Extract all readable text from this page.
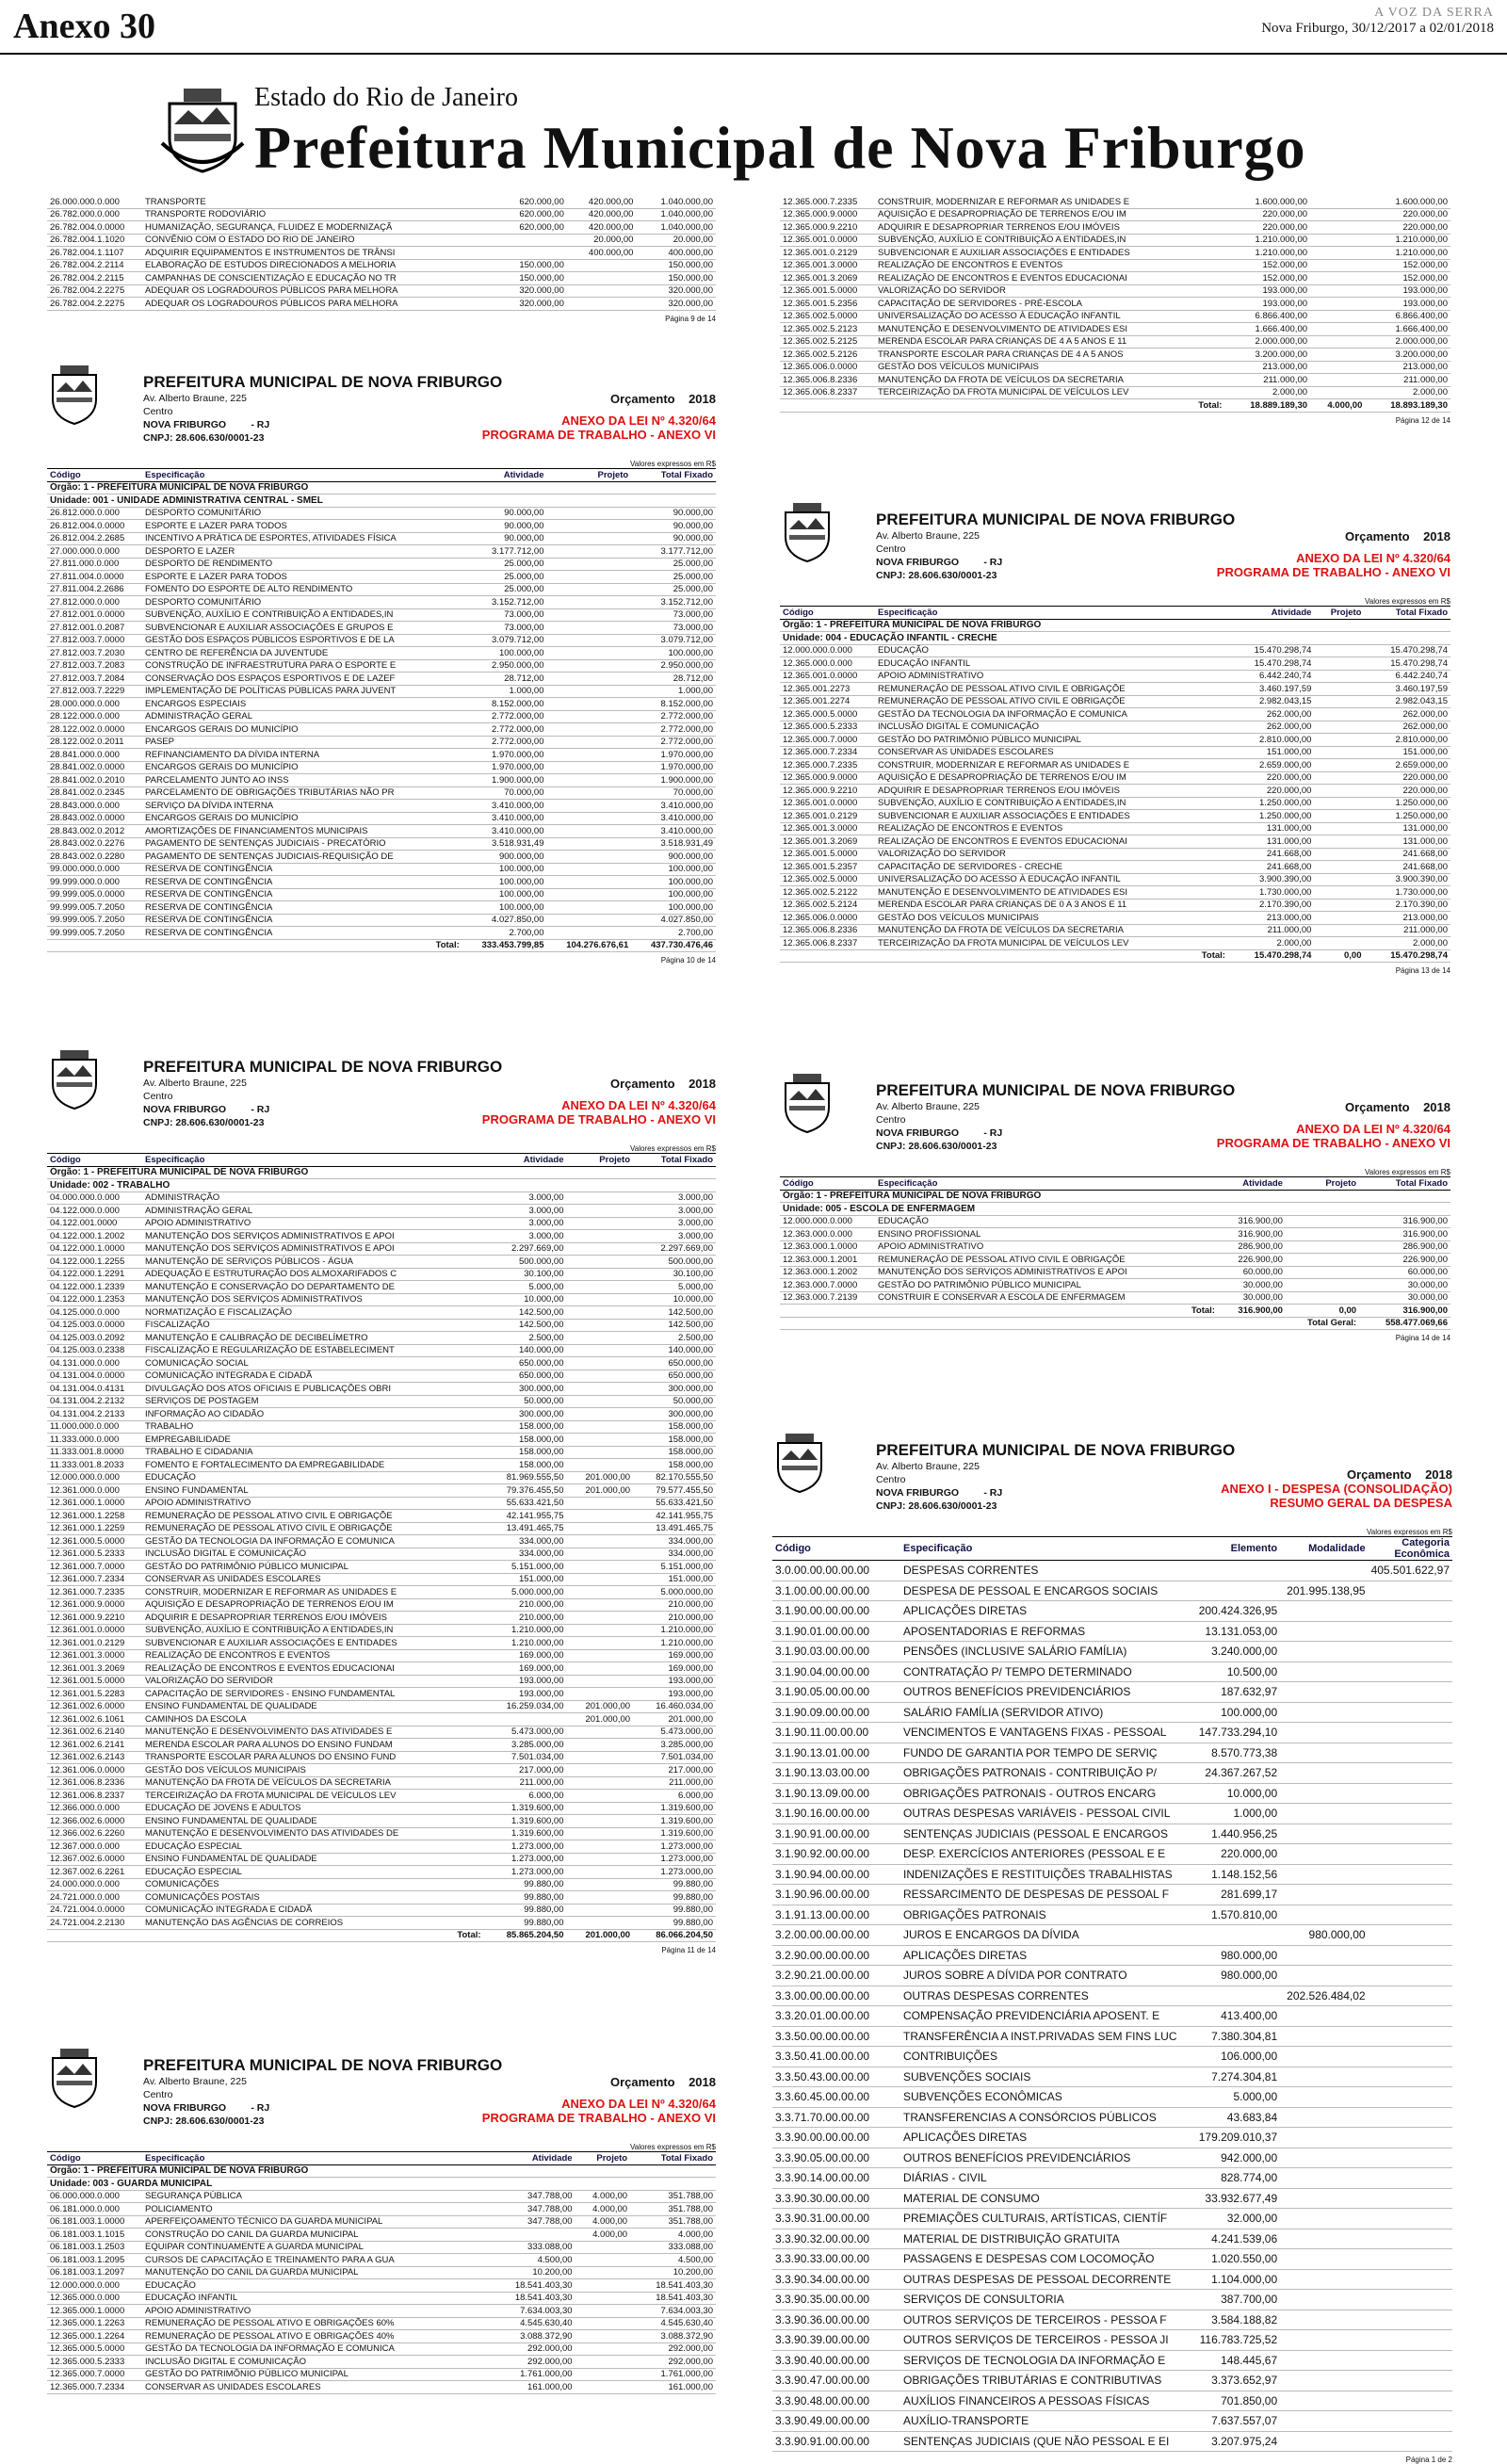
Anexo 30	A VOZ DA SERRA
Nova Friburgo, 30/12/2017 a 02/01/2018
Estado do Rio de Janeiro
Prefeitura Municipal de Nova Friburgo
26.000.000.0.000	TRANSPORTE	620.000,00	420.000,00	1.040.000,00
26.782.000.0.000	TRANSPORTE RODOVIÁRIO	620.000,00	420.000,00	1.040.000,00
26.782.004.0.0000	HUMANIZAÇÃO, SEGURANÇA, FLUIDEZ E MODERNIZAÇÃ	620.000,00	420.000,00	1.040.000,00
26.782.004.1.1020	CONVÊNIO COM O ESTADO DO RIO DE JANEIRO		20.000,00	20.000,00
26.782.004.1.1107	ADQUIRIR EQUIPAMENTOS E INSTRUMENTOS DE TRÂNSI		400.000,00	400.000,00
26.782.004.2.2114	ELABORAÇÃO DE ESTUDOS DIRECIONADOS A MELHORIA	150.000,00		150.000,00
26.782.004.2.2115	CAMPANHAS DE CONSCIENTIZAÇÃO E EDUCAÇÃO NO TR	150.000,00		150.000,00
26.782.004.2.2275	ADEQUAR OS LOGRADOUROS PÚBLICOS PARA MELHORA	320.000,00		320.000,00
26.782.004.2.2275	ADEQUAR OS LOGRADOUROS PÚBLICOS PARA MELHORA	320.000,00		320.000,00
Página 9 de 14
12.365.000.7.2335	CONSTRUIR, MODERNIZAR E REFORMAR AS UNIDADES E	1.600.000,00		1.600.000,00
12.365.000.9.0000	AQUISIÇÃO E DESAPROPRIAÇÃO DE TERRENOS E/OU IM	220.000,00		220.000,00
12.365.000.9.2210	ADQUIRIR E DESAPROPRIAR TERRENOS E/OU IMÓVEIS	220.000,00		220.000,00
12.365.001.0.0000	SUBVENÇÃO, AUXÍLIO E CONTRIBUIÇÃO A ENTIDADES,IN	1.210.000,00		1.210.000,00
12.365.001.0.2129	SUBVENCIONAR E AUXILIAR ASSOCIAÇÕES E ENTIDADES	1.210.000,00		1.210.000,00
12.365.001.3.0000	REALIZAÇÃO DE ENCONTROS E EVENTOS	152.000,00		152.000,00
12.365.001.3.2069	REALIZAÇÃO DE ENCONTROS E EVENTOS EDUCACIONAI	152.000,00		152.000,00
12.365.001.5.0000	VALORIZAÇÃO DO SERVIDOR	193.000,00		193.000,00
12.365.001.5.2356	CAPACITAÇÃO DE SERVIDORES - PRÉ-ESCOLA	193.000,00		193.000,00
12.365.002.5.0000	UNIVERSALIZAÇÃO DO ACESSO À EDUCAÇÃO INFANTIL	6.866.400,00		6.866.400,00
12.365.002.5.2123	MANUTENÇÃO E DESENVOLVIMENTO DE ATIVIDADES ESI	1.666.400,00		1.666.400,00
12.365.002.5.2125	MERENDA ESCOLAR PARA CRIANÇAS DE 4 A 5 ANOS E 11	2.000.000,00		2.000.000,00
12.365.002.5.2126	TRANSPORTE ESCOLAR PARA CRIANÇAS DE 4 A 5 ANOS	3.200.000,00		3.200.000,00
12.365.006.0.0000	GESTÃO DOS VEÍCULOS MUNICIPAIS	213.000,00		213.000,00
12.365.006.8.2336	MANUTENÇÃO DA FROTA DE VEÍCULOS DA SECRETARIA	211.000,00		211.000,00
12.365.006.8.2337	TERCEIRIZAÇÃO DA FROTA MUNICIPAL DE VEÍCULOS LEV	2.000,00		2.000,00
	Total:	18.889.189,30	4.000,00	18.893.189,30
Página 12 de 14
PREFEITURA MUNICIPAL DE NOVA FRIBURGO
Av. Alberto Braune, 225
Centro
NOVA FRIBURGO	- RJ
CNPJ: 28.606.630/0001-23
Orçamento 2018
ANEXO DA LEI Nº 4.320/64
PROGRAMA DE TRABALHO - ANEXO VI
Valores expressos em R$
Código	Especificação	Atividade	Projeto	Total Fixado
Órgão: 1 - PREFEITURA MUNICIPAL DE NOVA FRIBURGO				
Unidade: 001 - UNIDADE ADMINISTRATIVA CENTRAL - SMEL				
26.812.000.0.000	DESPORTO COMUNITÁRIO	90.000,00		90.000,00
26.812.004.0.0000	ESPORTE E LAZER PARA TODOS	90.000,00		90.000,00
26.812.004.2.2685	INCENTIVO A PRÁTICA DE ESPORTES, ATIVIDADES FÍSICA	90.000,00		90.000,00
27.000.000.0.000	DESPORTO E LAZER	3.177.712,00		3.177.712,00
27.811.000.0.000	DESPORTO DE RENDIMENTO	25.000,00		25.000,00
27.811.004.0.0000	ESPORTE E LAZER PARA TODOS	25.000,00		25.000,00
27.811.004.2.2686	FOMENTO DO ESPORTE DE ALTO RENDIMENTO	25.000,00		25.000,00
27.812.000.0.000	DESPORTO COMUNITÁRIO	3.152.712,00		3.152.712,00
27.812.001.0.0000	SUBVENÇÃO, AUXÍLIO E CONTRIBUIÇÃO A ENTIDADES,IN	73.000,00		73.000,00
27.812.001.0.2087	SUBVENCIONAR E AUXILIAR ASSOCIAÇÕES E GRUPOS E	73.000,00		73.000,00
27.812.003.7.0000	GESTÃO DOS ESPAÇOS PÚBLICOS ESPORTIVOS E DE LA	3.079.712,00		3.079.712,00
27.812.003.7.2030	CENTRO DE REFERÊNCIA DA JUVENTUDE	100.000,00		100.000,00
27.812.003.7.2083	CONSTRUÇÃO DE INFRAESTRUTURA PARA O ESPORTE E	2.950.000,00		2.950.000,00
27.812.003.7.2084	CONSERVAÇÃO DOS ESPAÇOS ESPORTIVOS E DE LAZEF	28.712,00		28.712,00
27.812.003.7.2229	IMPLEMENTAÇÃO DE POLÍTICAS PÚBLICAS PARA JUVENT	1.000,00		1.000,00
28.000.000.0.000	ENCARGOS ESPECIAIS	8.152.000,00		8.152.000,00
28.122.000.0.000	ADMINISTRAÇÃO GERAL	2.772.000,00		2.772.000,00
28.122.002.0.0000	ENCARGOS GERAIS DO MUNICÍPIO	2.772.000,00		2.772.000,00
28.122.002.0.2011	PASEP	2.772.000,00		2.772.000,00
28.841.000.0.000	REFINANCIAMENTO DA DÍVIDA INTERNA	1.970.000,00		1.970.000,00
28.841.002.0.0000	ENCARGOS GERAIS DO MUNICÍPIO	1.970.000,00		1.970.000,00
28.841.002.0.2010	PARCELAMENTO JUNTO AO INSS	1.900.000,00		1.900.000,00
28.841.002.0.2345	PARCELAMENTO DE OBRIGAÇÕES TRIBUTÁRIAS NÃO PR	70.000,00		70.000,00
28.843.000.0.000	SERVIÇO DA DÍVIDA INTERNA	3.410.000,00		3.410.000,00
28.843.002.0.0000	ENCARGOS GERAIS DO MUNICÍPIO	3.410.000,00		3.410.000,00
28.843.002.0.2012	AMORTIZAÇÕES DE FINANCIAMENTOS MUNICIPAIS	3.410.000,00		3.410.000,00
28.843.002.0.2276	PAGAMENTO DE SENTENÇAS JUDICIAIS - PRECATÓRIO	3.518.931,49		3.518.931,49
28.843.002.0.2280	PAGAMENTO DE SENTENÇAS JUDICIAIS-REQUISIÇÃO DE	900.000,00		900.000,00
99.000.000.0.000	RESERVA DE CONTINGÊNCIA	100.000,00		100.000,00
99.999.000.0.000	RESERVA DE CONTINGÊNCIA	100.000,00		100.000,00
99.999.005.0.0000	RESERVA DE CONTINGÊNCIA	100.000,00		100.000,00
99.999.005.7.2050	RESERVA DE CONTINGÊNCIA	100.000,00		100.000,00
99.999.005.7.2050	RESERVA DE CONTINGÊNCIA	4.027.850,00		4.027.850,00
99.999.005.7.2050	RESERVA DE CONTINGÊNCIA	2.700,00		2.700,00
	Total:	333.453.799,85	104.276.676,61	437.730.476,46
Página 10 de 14
PREFEITURA MUNICIPAL DE NOVA FRIBURGO
Av. Alberto Braune, 225
Centro
NOVA FRIBURGO	- RJ
CNPJ: 28.606.630/0001-23
Orçamento 2018
ANEXO DA LEI Nº 4.320/64
PROGRAMA DE TRABALHO - ANEXO VI
Valores expressos em R$
Código	Especificação	Atividade	Projeto	Total Fixado
Órgão: 1 - PREFEITURA MUNICIPAL DE NOVA FRIBURGO				
Unidade: 004 - EDUCAÇÃO INFANTIL - CRECHE				
12.000.000.0.000	EDUCAÇÃO	15.470.298,74		15.470.298,74
12.365.000.0.000	EDUCAÇÃO INFANTIL	15.470.298,74		15.470.298,74
12.365.001.0.0000	APOIO ADMINISTRATIVO	6.442.240,74		6.442.240,74
12.365.001.2273	REMUNERAÇÃO DE PESSOAL ATIVO CIVIL E OBRIGAÇÕE	3.460.197,59		3.460.197,59
12.365.001.2274	REMUNERAÇÃO DE PESSOAL ATIVO CIVIL E OBRIGAÇÕE	2.982.043,15		2.982.043,15
12.365.000.5.0000	GESTÃO DA TECNOLOGIA DA INFORMAÇÃO E COMUNICA	262.000,00		262.000,00
12.365.000.5.2333	INCLUSÃO DIGITAL E COMUNICAÇÃO	262.000,00		262.000,00
12.365.000.7.0000	GESTÃO DO PATRIMÔNIO PÚBLICO MUNICIPAL	2.810.000,00		2.810.000,00
12.365.000.7.2334	CONSERVAR AS UNIDADES ESCOLARES	151.000,00		151.000,00
12.365.000.7.2335	CONSTRUIR, MODERNIZAR E REFORMAR AS UNIDADES E	2.659.000,00		2.659.000,00
12.365.000.9.0000	AQUISIÇÃO E DESAPROPRIAÇÃO DE TERRENOS E/OU IM	220.000,00		220.000,00
12.365.000.9.2210	ADQUIRIR E DESAPROPRIAR TERRENOS E/OU IMÓVEIS	220.000,00		220.000,00
12.365.001.0.0000	SUBVENÇÃO, AUXÍLIO E CONTRIBUIÇÃO A ENTIDADES,IN	1.250.000,00		1.250.000,00
12.365.001.0.2129	SUBVENCIONAR E AUXILIAR ASSOCIAÇÕES E ENTIDADES	1.250.000,00		1.250.000,00
12.365.001.3.0000	REALIZAÇÃO DE ENCONTROS E EVENTOS	131.000,00		131.000,00
12.365.001.3.2069	REALIZAÇÃO DE ENCONTROS E EVENTOS EDUCACIONAI	131.000,00		131.000,00
12.365.001.5.0000	VALORIZAÇÃO DO SERVIDOR	241.668,00		241.668,00
12.365.001.5.2357	CAPACITAÇÃO DE SERVIDORES - CRECHE	241.668,00		241.668,00
12.365.002.5.0000	UNIVERSALIZAÇÃO DO ACESSO À EDUCAÇÃO INFANTIL	3.900.390,00		3.900.390,00
12.365.002.5.2122	MANUTENÇÃO E DESENVOLVIMENTO DE ATIVIDADES ESI	1.730.000,00		1.730.000,00
12.365.002.5.2124	MERENDA ESCOLAR PARA CRIANÇAS DE 0 A 3 ANOS E 11	2.170.390,00		2.170.390,00
12.365.006.0.0000	GESTÃO DOS VEÍCULOS MUNICIPAIS	213.000,00		213.000,00
12.365.006.8.2336	MANUTENÇÃO DA FROTA DE VEÍCULOS DA SECRETARIA	211.000,00		211.000,00
12.365.006.8.2337	TERCEIRIZAÇÃO DA FROTA MUNICIPAL DE VEÍCULOS LEV	2.000,00		2.000,00
	Total:	15.470.298,74	0,00	15.470.298,74
Página 13 de 14
PREFEITURA MUNICIPAL DE NOVA FRIBURGO
Av. Alberto Braune, 225
Centro
NOVA FRIBURGO	- RJ
CNPJ: 28.606.630/0001-23
Orçamento 2018
ANEXO DA LEI Nº 4.320/64
PROGRAMA DE TRABALHO - ANEXO VI
Valores expressos em R$
Código	Especificação	Atividade	Projeto	Total Fixado
Órgão: 1 - PREFEITURA MUNICIPAL DE NOVA FRIBURGO				
Unidade: 002 - TRABALHO				
04.000.000.0.000	ADMINISTRAÇÃO	3.000,00		3.000,00
04.122.000.0.000	ADMINISTRAÇÃO GERAL	3.000,00		3.000,00
04.122.001.0000	APOIO ADMINISTRATIVO	3.000,00		3.000,00
04.122.000.1.2002	MANUTENÇÃO DOS SERVIÇOS ADMINISTRATIVOS E APOI	3.000,00		3.000,00
04.122.000.1.0000	MANUTENÇÃO DOS SERVIÇOS ADMINISTRATIVOS E APOI	2.297.669,00		2.297.669,00
04.122.000.1.2255	MANUTENÇÃO DE SERVIÇOS PÚBLICOS - ÁGUA	500.000,00		500.000,00
04.122.000.1.2291	ADEQUAÇÃO E ESTRUTURAÇÃO DOS ALMOXARIFADOS C	30.100,00		30.100,00
04.122.000.1.2339	MANUTENÇÃO E CONSERVAÇÃO DO DEPARTAMENTO DE	5.000,00		5.000,00
04.122.000.1.2353	MANUTENÇÃO DOS SERVIÇOS ADMINISTRATIVOS	10.000,00		10.000,00
04.125.000.0.000	NORMATIZAÇÃO E FISCALIZAÇÃO	142.500,00		142.500,00
04.125.003.0.0000	FISCALIZAÇÃO	142.500,00		142.500,00
04.125.003.0.2092	MANUTENÇÃO E CALIBRAÇÃO DE DECIBELÍMETRO	2.500,00		2.500,00
04.125.003.0.2338	FISCALIZAÇÃO E REGULARIZAÇÃO DE ESTABELECIMENT	140.000,00		140.000,00
04.131.000.0.000	COMUNICAÇÃO SOCIAL	650.000,00		650.000,00
04.131.004.0.0000	COMUNICAÇÃO INTEGRADA E CIDADÃ	650.000,00		650.000,00
04.131.004.0.4131	DIVULGAÇÃO DOS ATOS OFICIAIS E PUBLICAÇÕES OBRI	300.000,00		300.000,00
04.131.004.2.2132	SERVIÇOS DE POSTAGEM	50.000,00		50.000,00
04.131.004.2.2133	INFORMAÇÃO AO CIDADÃO	300.000,00		300.000,00
11.000.000.0.000	TRABALHO	158.000,00		158.000,00
11.333.000.0.000	EMPREGABILIDADE	158.000,00		158.000,00
11.333.001.8.0000	TRABALHO E CIDADANIA	158.000,00		158.000,00
11.333.001.8.2033	FOMENTO E FORTALECIMENTO DA EMPREGABILIDADE	158.000,00		158.000,00
12.000.000.0.000	EDUCAÇÃO	81.969.555,50	201.000,00	82.170.555,50
12.361.000.0.000	ENSINO FUNDAMENTAL	79.376.455,50	201.000,00	79.577.455,50
12.361.000.1.0000	APOIO ADMINISTRATIVO	55.633.421,50		55.633.421,50
12.361.000.1.2258	REMUNERAÇÃO DE PESSOAL ATIVO CIVIL E OBRIGAÇÕE	42.141.955,75		42.141.955,75
12.361.000.1.2259	REMUNERAÇÃO DE PESSOAL ATIVO CIVIL E OBRIGAÇÕE	13.491.465,75		13.491.465,75
12.361.000.5.0000	GESTÃO DA TECNOLOGIA DA INFORMAÇÃO E COMUNICA	334.000,00		334.000,00
12.361.000.5.2333	INCLUSÃO DIGITAL E COMUNICAÇÃO	334.000,00		334.000,00
12.361.000.7.0000	GESTÃO DO PATRIMÔNIO PÚBLICO MUNICIPAL	5.151.000,00		5.151.000,00
12.361.000.7.2334	CONSERVAR AS UNIDADES ESCOLARES	151.000,00		151.000,00
12.361.000.7.2335	CONSTRUIR, MODERNIZAR E REFORMAR AS UNIDADES E	5.000.000,00		5.000.000,00
12.361.000.9.0000	AQUISIÇÃO E DESAPROPRIAÇÃO DE TERRENOS E/OU IM	210.000,00		210.000,00
12.361.000.9.2210	ADQUIRIR E DESAPROPRIAR TERRENOS E/OU IMÓVEIS	210.000,00		210.000,00
12.361.001.0.0000	SUBVENÇÃO, AUXÍLIO E CONTRIBUIÇÃO A ENTIDADES,IN	1.210.000,00		1.210.000,00
12.361.001.0.2129	SUBVENCIONAR E AUXILIAR ASSOCIAÇÕES E ENTIDADES	1.210.000,00		1.210.000,00
12.361.001.3.0000	REALIZAÇÃO DE ENCONTROS E EVENTOS	169.000,00		169.000,00
12.361.001.3.2069	REALIZAÇÃO DE ENCONTROS E EVENTOS EDUCACIONAI	169.000,00		169.000,00
12.361.001.5.0000	VALORIZAÇÃO DO SERVIDOR	193.000,00		193.000,00
12.361.001.5.2283	CAPACITAÇÃO DE SERVIDORES - ENSINO FUNDAMENTAL	193.000,00		193.000,00
12.361.002.6.0000	ENSINO FUNDAMENTAL DE QUALIDADE	16.259.034,00	201.000,00	16.460.034,00
12.361.002.6.1061	CAMINHOS DA ESCOLA		201.000,00	201.000,00
12.361.002.6.2140	MANUTENÇÃO E DESENVOLVIMENTO DAS ATIVIDADES E	5.473.000,00		5.473.000,00
12.361.002.6.2141	MERENDA ESCOLAR PARA ALUNOS DO ENSINO FUNDAM	3.285.000,00		3.285.000,00
12.361.002.6.2143	TRANSPORTE ESCOLAR PARA ALUNOS DO ENSINO FUND	7.501.034,00		7.501.034,00
12.361.006.0.0000	GESTÃO DOS VEÍCULOS MUNICIPAIS	217.000,00		217.000,00
12.361.006.8.2336	MANUTENÇÃO DA FROTA DE VEÍCULOS DA SECRETARIA	211.000,00		211.000,00
12.361.006.8.2337	TERCEIRIZAÇÃO DA FROTA MUNICIPAL DE VEÍCULOS LEV	6.000,00		6.000,00
12.366.000.0.000	EDUCAÇÃO DE JOVENS E ADULTOS	1.319.600,00		1.319.600,00
12.366.002.6.0000	ENSINO FUNDAMENTAL DE QUALIDADE	1.319.600,00		1.319.600,00
12.366.002.6.2260	MANUTENÇÃO E DESENVOLVIMENTO DAS ATIVIDADES DE	1.319.600,00		1.319.600,00
12.367.000.0.000	EDUCAÇÃO ESPECIAL	1.273.000,00		1.273.000,00
12.367.002.6.0000	ENSINO FUNDAMENTAL DE QUALIDADE	1.273.000,00		1.273.000,00
12.367.002.6.2261	EDUCAÇÃO ESPECIAL	1.273.000,00		1.273.000,00
24.000.000.0.000	COMUNICAÇÕES	99.880,00		99.880,00
24.721.000.0.000	COMUNICAÇÕES POSTAIS	99.880,00		99.880,00
24.721.004.0.0000	COMUNICAÇÃO INTEGRADA E CIDADÃ	99.880,00		99.880,00
24.721.004.2.2130	MANUTENÇÃO DAS AGÊNCIAS DE CORREIOS	99.880,00		99.880,00
	Total:	85.865.204,50	201.000,00	86.066.204,50
Página 11 de 14
PREFEITURA MUNICIPAL DE NOVA FRIBURGO
Av. Alberto Braune, 225
Centro
NOVA FRIBURGO	- RJ
CNPJ: 28.606.630/0001-23
Orçamento 2018
ANEXO DA LEI Nº 4.320/64
PROGRAMA DE TRABALHO - ANEXO VI
Valores expressos em R$
Código	Especificação	Atividade	Projeto	Total Fixado
Órgão: 1 - PREFEITURA MUNICIPAL DE NOVA FRIBURGO				
Unidade: 005 - ESCOLA DE ENFERMAGEM				
12.000.000.0.000	EDUCAÇÃO	316.900,00		316.900,00
12.363.000.0.000	ENSINO PROFISSIONAL	316.900,00		316.900,00
12.363.000.1.0000	APOIO ADMINISTRATIVO	286.900,00		286.900,00
12.363.000.1.2001	REMUNERAÇÃO DE PESSOAL ATIVO CIVIL E OBRIGAÇÕE	226.900,00		226.900,00
12.363.000.1.2002	MANUTENÇÃO DOS SERVIÇOS ADMINISTRATIVOS E APOI	60.000,00		60.000,00
12.363.000.7.0000	GESTÃO DO PATRIMÔNIO PÚBLICO MUNICIPAL	30.000,00		30.000,00
12.363.000.7.2139	CONSTRUIR E CONSERVAR A ESCOLA DE ENFERMAGEM	30.000,00		30.000,00
	Total:	316.900,00	0,00	316.900,00
			Total Geral:	558.477.069,66
Página 14 de 14
PREFEITURA MUNICIPAL DE NOVA FRIBURGO
Av. Alberto Braune, 225
Centro
NOVA FRIBURGO	- RJ
CNPJ: 28.606.630/0001-23
Orçamento 2018
ANEXO DA LEI Nº 4.320/64
PROGRAMA DE TRABALHO - ANEXO VI
Valores expressos em R$
Código	Especificação	Atividade	Projeto	Total Fixado
Órgão: 1 - PREFEITURA MUNICIPAL DE NOVA FRIBURGO				
Unidade: 003 - GUARDA MUNICIPAL				
06.000.000.0.000	SEGURANÇA PÚBLICA	347.788,00	4.000,00	351.788,00
06.181.000.0.000	POLICIAMENTO	347.788,00	4.000,00	351.788,00
06.181.003.1.0000	APERFEIÇOAMENTO TÉCNICO DA GUARDA MUNICIPAL	347.788,00	4.000,00	351.788,00
06.181.003.1.1015	CONSTRUÇÃO DO CANIL DA GUARDA MUNICIPAL		4.000,00	4.000,00
06.181.003.1.2503	EQUIPAR CONTINUAMENTE A GUARDA MUNICIPAL	333.088,00		333.088,00
06.181.003.1.2095	CURSOS DE CAPACITAÇÃO E TREINAMENTO PARA A GUA	4.500,00		4.500,00
06.181.003.1.2097	MANUTENÇÃO DO CANIL DA GUARDA MUNICIPAL	10.200,00		10.200,00
12.000.000.0.000	EDUCAÇÃO	18.541.403,30		18.541.403,30
12.365.000.0.000	EDUCAÇÃO INFANTIL	18.541.403,30		18.541.403,30
12.365.000.1.0000	APOIO ADMINISTRATIVO	7.634.003,30		7.634.003,30
12.365.000.1.2263	REMUNERAÇÃO DE PESSOAL ATIVO E OBRIGAÇÕES 60%	4.545.630,40		4.545.630,40
12.365.000.1.2264	REMUNERAÇÃO DE PESSOAL ATIVO E OBRIGAÇÕES 40%	3.088.372,90		3.088.372,90
12.365.000.5.0000	GESTÃO DA TECNOLOGIA DA INFORMAÇÃO E COMUNICA	292.000,00		292.000,00
12.365.000.5.2333	INCLUSÃO DIGITAL E COMUNICAÇÃO	292.000,00		292.000,00
12.365.000.7.0000	GESTÃO DO PATRIMÔNIO PÚBLICO MUNICIPAL	1.761.000,00		1.761.000,00
12.365.000.7.2334	CONSERVAR AS UNIDADES ESCOLARES	161.000,00		161.000,00
PREFEITURA MUNICIPAL DE NOVA FRIBURGO
Av. Alberto Braune, 225
Centro
NOVA FRIBURGO	- RJ
CNPJ: 28.606.630/0001-23
Orçamento 2018
ANEXO I - DESPESA (CONSOLIDAÇÃO)
RESUMO GERAL DA DESPESA
Valores expressos em R$
Código	Especificação	Elemento	Modalidade	Categoria Econômica
3.0.00.00.00.00.00	DESPESAS CORRENTES			405.501.622,97
3.1.00.00.00.00.00	DESPESA DE PESSOAL E ENCARGOS SOCIAIS		201.995.138,95	
3.1.90.00.00.00.00	APLICAÇÕES DIRETAS	200.424.326,95		
3.1.90.01.00.00.00	APOSENTADORIAS E REFORMAS	13.131.053,00		
3.1.90.03.00.00.00	PENSÕES (INCLUSIVE SALÁRIO FAMÍLIA)	3.240.000,00		
3.1.90.04.00.00.00	CONTRATAÇÃO P/ TEMPO DETERMINADO	10.500,00		
3.1.90.05.00.00.00	OUTROS BENEFÍCIOS PREVIDENCIÁRIOS	187.632,97		
3.1.90.09.00.00.00	SALÁRIO FAMÍLIA (SERVIDOR ATIVO)	100.000,00		
3.1.90.11.00.00.00	VENCIMENTOS E VANTAGENS FIXAS - PESSOAL	147.733.294,10		
3.1.90.13.01.00.00	FUNDO DE GARANTIA POR TEMPO DE SERVIÇ	8.570.773,38		
3.1.90.13.03.00.00	OBRIGAÇÕES PATRONAIS - CONTRIBUIÇÃO P/	24.367.267,52		
3.1.90.13.09.00.00	OBRIGAÇÕES PATRONAIS - OUTROS ENCARG	10.000,00		
3.1.90.16.00.00.00	OUTRAS DESPESAS VARIÁVEIS - PESSOAL CIVIL	1.000,00		
3.1.90.91.00.00.00	SENTENÇAS JUDICIAIS (PESSOAL E ENCARGOS	1.440.956,25		
3.1.90.92.00.00.00	DESP. EXERCÍCIOS ANTERIORES (PESSOAL E E	220.000,00		
3.1.90.94.00.00.00	INDENIZAÇÕES E RESTITUIÇÕES TRABALHISTAS	1.148.152,56		
3.1.90.96.00.00.00	RESSARCIMENTO DE DESPESAS DE PESSOAL F	281.699,17		
3.1.91.13.00.00.00	OBRIGAÇÕES PATRONAIS	1.570.810,00		
3.2.00.00.00.00.00	JUROS E ENCARGOS DA DÍVIDA		980.000,00	
3.2.90.00.00.00.00	APLICAÇÕES DIRETAS	980.000,00		
3.2.90.21.00.00.00	JUROS SOBRE A DÍVIDA POR CONTRATO	980.000,00		
3.3.00.00.00.00.00	OUTRAS DESPESAS CORRENTES		202.526.484,02	
3.3.20.01.00.00.00	COMPENSAÇÃO PREVIDENCIÁRIA APOSENT. E	413.400,00		
3.3.50.00.00.00.00	TRANSFERÊNCIA A INST.PRIVADAS SEM FINS LUC	7.380.304,81		
3.3.50.41.00.00.00	CONTRIBUIÇÕES	106.000,00		
3.3.50.43.00.00.00	SUBVENÇÕES SOCIAIS	7.274.304,81		
3.3.60.45.00.00.00	SUBVENÇÕES ECONÔMICAS	5.000,00		
3.3.71.70.00.00.00	TRANSFERENCIAS A CONSÓRCIOS PÚBLICOS	43.683,84		
3.3.90.00.00.00.00	APLICAÇÕES DIRETAS	179.209.010,37		
3.3.90.05.00.00.00	OUTROS BENEFÍCIOS PREVIDENCIÁRIOS	942.000,00		
3.3.90.14.00.00.00	DIÁRIAS - CIVIL	828.774,00		
3.3.90.30.00.00.00	MATERIAL DE CONSUMO	33.932.677,49		
3.3.90.31.00.00.00	PREMIAÇÕES CULTURAIS, ARTÍSTICAS, CIENTÍF	32.000,00		
3.3.90.32.00.00.00	MATERIAL DE DISTRIBUIÇÃO GRATUITA	4.241.539,06		
3.3.90.33.00.00.00	PASSAGENS E DESPESAS COM LOCOMOÇÃO	1.020.550,00		
3.3.90.34.00.00.00	OUTRAS DESPESAS DE PESSOAL DECORRENTE	1.104.000,00		
3.3.90.35.00.00.00	SERVIÇOS DE CONSULTORIA	387.700,00		
3.3.90.36.00.00.00	OUTROS SERVIÇOS DE TERCEIROS - PESSOA F	3.584.188,82		
3.3.90.39.00.00.00	OUTROS SERVIÇOS DE TERCEIROS - PESSOA JI	116.783.725,52		
3.3.90.40.00.00.00	SERVIÇOS DE TECNOLOGIA DA INFORMAÇÃO E	148.445,67		
3.3.90.47.00.00.00	OBRIGAÇÕES TRIBUTÁRIAS E CONTRIBUTIVAS	3.373.652,97		
3.3.90.48.00.00.00	AUXÍLIOS FINANCEIROS A PESSOAS FÍSICAS	701.850,00		
3.3.90.49.00.00.00	AUXÍLIO-TRANSPORTE	7.637.557,07		
3.3.90.91.00.00.00	SENTENÇAS JUDICIAIS (QUE NÃO PESSOAL E EI	3.207.975,24		
Página 1 de 2
